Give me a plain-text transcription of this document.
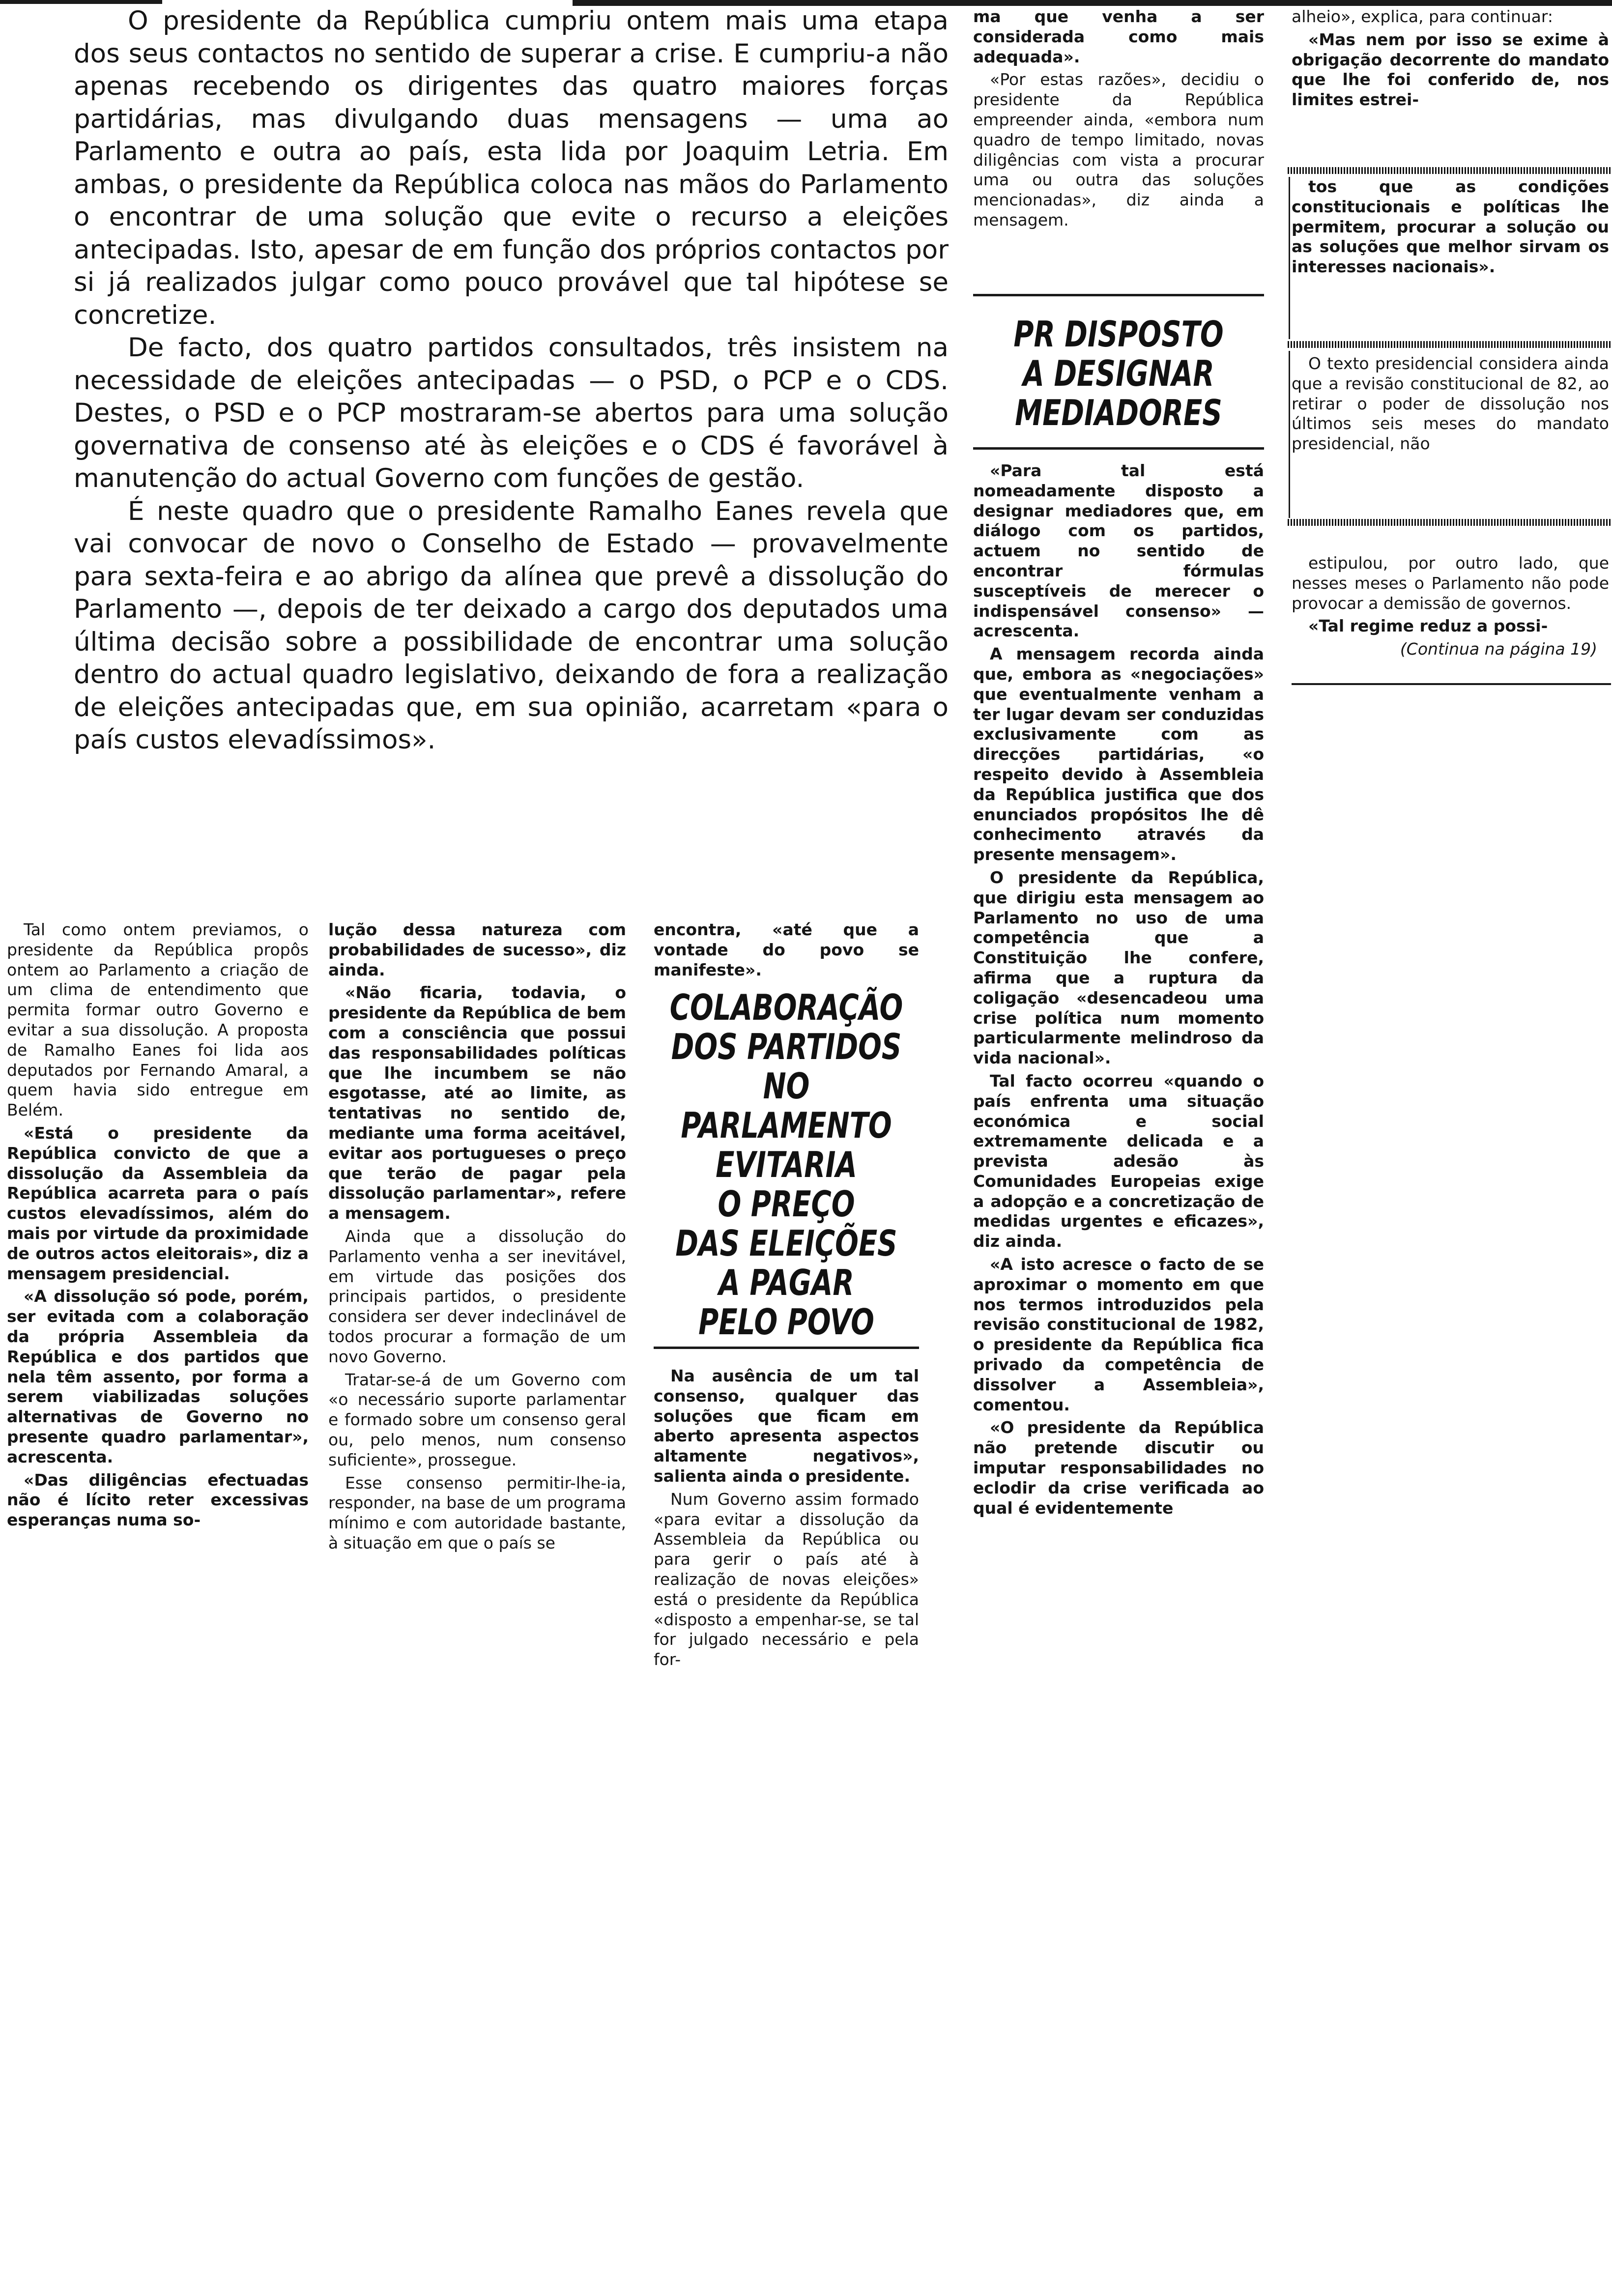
O presidente da República cumpriu ontem mais uma etapa dos seus contactos no sentido de superar a crise. E cumpriu-a não apenas recebendo os dirigentes das quatro maiores forças partidárias, mas divulgando duas mensagens — uma ao Parlamento e outra ao país, esta lida por Joaquim Letria. Em ambas, o presidente da República coloca nas mãos do Parlamento o encontrar de uma solução que evite o recurso a eleições antecipadas. Isto, apesar de em função dos próprios contactos por si já realizados julgar como pouco provável que tal hipótese se concretize.

De facto, dos quatro partidos consultados, três insistem na necessidade de eleições antecipadas — o PSD, o PCP e o CDS. Destes, o PSD e o PCP mostraram-se abertos para uma solução governativa de consenso até às eleições e o CDS é favorável à manutenção do actual Governo com funções de gestão.

É neste quadro que o presidente Ramalho Eanes revela que vai convocar de novo o Conselho de Estado — provavelmente para sexta-feira e ao abrigo da alínea que prevê a dissolução do Parlamento —, depois de ter deixado a cargo dos deputados uma última decisão sobre a possibilidade de encontrar uma solução dentro do actual quadro legislativo, deixando de fora a realização de eleições antecipadas que, em sua opinião, acarretam «para o país custos elevadíssimos».

Tal como ontem previamos, o presidente da República propôs ontem ao Parlamento a criação de um clima de entendimento que permita formar outro Governo e evitar a sua dissolução. A proposta de Ramalho Eanes foi lida aos deputados por Fernando Amaral, a quem havia sido entregue em Belém.

«Está o presidente da República convicto de que a dissolução da Assembleia da República acarreta para o país custos elevadíssimos, além do mais por virtude da proximidade de outros actos eleitorais», diz a mensagem presidencial.

«A dissolução só pode, porém, ser evitada com a colaboração da própria Assembleia da República e dos partidos que nela têm assento, por forma a serem viabilizadas soluções alternativas de Governo no presente quadro parlamentar», acrescenta.

«Das diligências efectuadas não é lícito reter excessivas esperanças numa so-

lução dessa natureza com probabilidades de sucesso», diz ainda.

«Não ficaria, todavia, o presidente da República de bem com a consciência que possui das responsabilidades políticas que lhe incumbem se não esgotasse, até ao limite, as tentativas no sentido de, mediante uma forma aceitável, evitar aos portugueses o preço que terão de pagar pela dissolução parlamentar», refere a mensagem.

Ainda que a dissolução do Parlamento venha a ser inevitável, em virtude das posições dos principais partidos, o presidente considera ser dever indeclinável de todos procurar a formação de um novo Governo.

Tratar-se-á de um Governo com «o necessário suporte parlamentar e formado sobre um consenso geral ou, pelo menos, num consenso suficiente», prossegue.

Esse consenso permitir-lhe-ia, responder, na base de um programa mínimo e com autoridade bastante, à situação em que o país se

encontra, «até que a vontade do povo se manifeste».

COLABORAÇÃO
DOS PARTIDOS
NO PARLAMENTO
EVITARIA
O PREÇO
DAS ELEIÇÕES
A PAGAR
PELO POVO

Na ausência de um tal consenso, qualquer das soluções que ficam em aberto apresenta aspectos altamente negativos», salienta ainda o presidente.

Num Governo assim formado «para evitar a dissolução da Assembleia da República ou para gerir o país até à realização de novas eleições» está o presidente da República «disposto a empenhar-se, se tal for julgado necessário e pela for-

ma que venha a ser considerada como mais adequada».

«Por estas razões», decidiu o presidente da República empreender ainda, «embora num quadro de tempo limitado, novas diligências com vista a procurar uma ou outra das soluções mencionadas», diz ainda a mensagem.

PR DISPOSTO
A DESIGNAR
MEDIADORES

«Para tal está nomeadamente disposto a designar mediadores que, em diálogo com os partidos, actuem no sentido de encontrar fórmulas susceptíveis de merecer o indispensável consenso» — acrescenta.

A mensagem recorda ainda que, embora as «negociações» que eventualmente venham a ter lugar devam ser conduzidas exclusivamente com as direcções partidárias, «o respeito devido à Assembleia da República justifica que dos enunciados propósitos lhe dê conhecimento através da presente mensagem».

O presidente da República, que dirigiu esta mensagem ao Parlamento no uso de uma competência que a Constituição lhe confere, afirma que a ruptura da coligação «desencadeou uma crise política num momento particularmente melindroso da vida nacional».

Tal facto ocorreu «quando o país enfrenta uma situação económica e social extremamente delicada e a prevista adesão às Comunidades Europeias exige a adopção e a concretização de medidas urgentes e eficazes», diz ainda.

«A isto acresce o facto de se aproximar o momento em que nos termos introduzidos pela revisão constitucional de 1982, o presidente da República fica privado da competência de dissolver a Assembleia», comentou.

«O presidente da República não pretende discutir ou imputar responsabilidades no eclodir da crise verificada ao qual é evidentemente

alheio», explica, para continuar:

«Mas nem por isso se exime à obrigação decorrente do mandato que lhe foi conferido de, nos limites estrei-

tos que as condições constitucionais e políticas lhe permitem, procurar a solução ou as soluções que melhor sirvam os interesses nacionais».

O texto presidencial considera ainda que a revisão constitucional de 82, ao retirar o poder de dissolução nos últimos seis meses do mandato presidencial, não

estipulou, por outro lado, que nesses meses o Parlamento não pode provocar a demissão de governos.

«Tal regime reduz a possi-

(Continua na página 19)
